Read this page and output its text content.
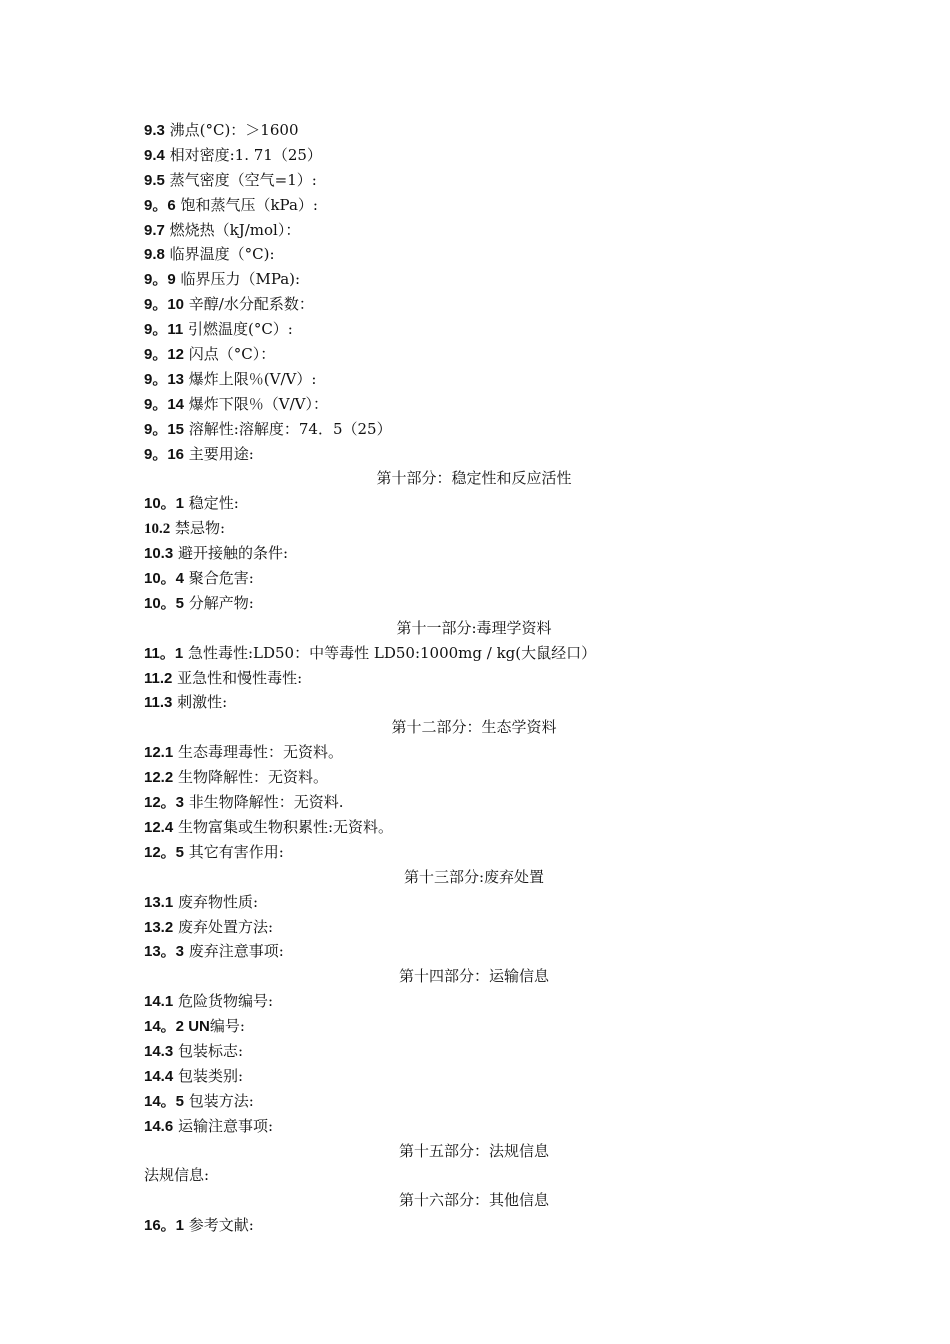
9.3 沸点(°C)：＞1600
9.4 相对密度:1. 71（25）
9.5 蒸气密度（空气=1）:
9。6 饱和蒸气压（kPa）:
9.7 燃烧热（kJ/mol）：
9.8 临界温度（°C):
9。9 临界压力（MPa):
9。10 辛醇/水分配系数：
9。11 引燃温度(°C）:
9。12 闪点（°C）：
9。13 爆炸上限％(V/V）:
9。14 爆炸下限％（V/V）：
9。15 溶解性:溶解度：74．5（25）
9。16 主要用途:
第十部分：稳定性和反应活性
10。1 稳定性:
10.2 禁忌物:
10.3 避开接触的条件:
10。4 聚合危害:
10。5 分解产物:
第十一部分:毒理学资料
11。1 急性毒性:LD50：中等毒性 LD50:1000mg / kg(大鼠经口）
11.2 亚急性和慢性毒性:
11.3 刺激性:
第十二部分：生态学资料
12.1 生态毒理毒性：无资料。
12.2 生物降解性：无资料。
12。3 非生物降解性：无资料.
12.4 生物富集或生物积累性:无资料。
12。5 其它有害作用:
第十三部分:废弃处置
13.1 废弃物性质:
13.2 废弃处置方法:
13。3 废弃注意事项:
第十四部分：运输信息
14.1 危险货物编号:
14。2 UN编号:
14.3 包装标志:
14.4 包装类别:
14。5 包装方法:
14.6 运输注意事项:
第十五部分：法规信息
法规信息:
第十六部分：其他信息
16。1 参考文献:
